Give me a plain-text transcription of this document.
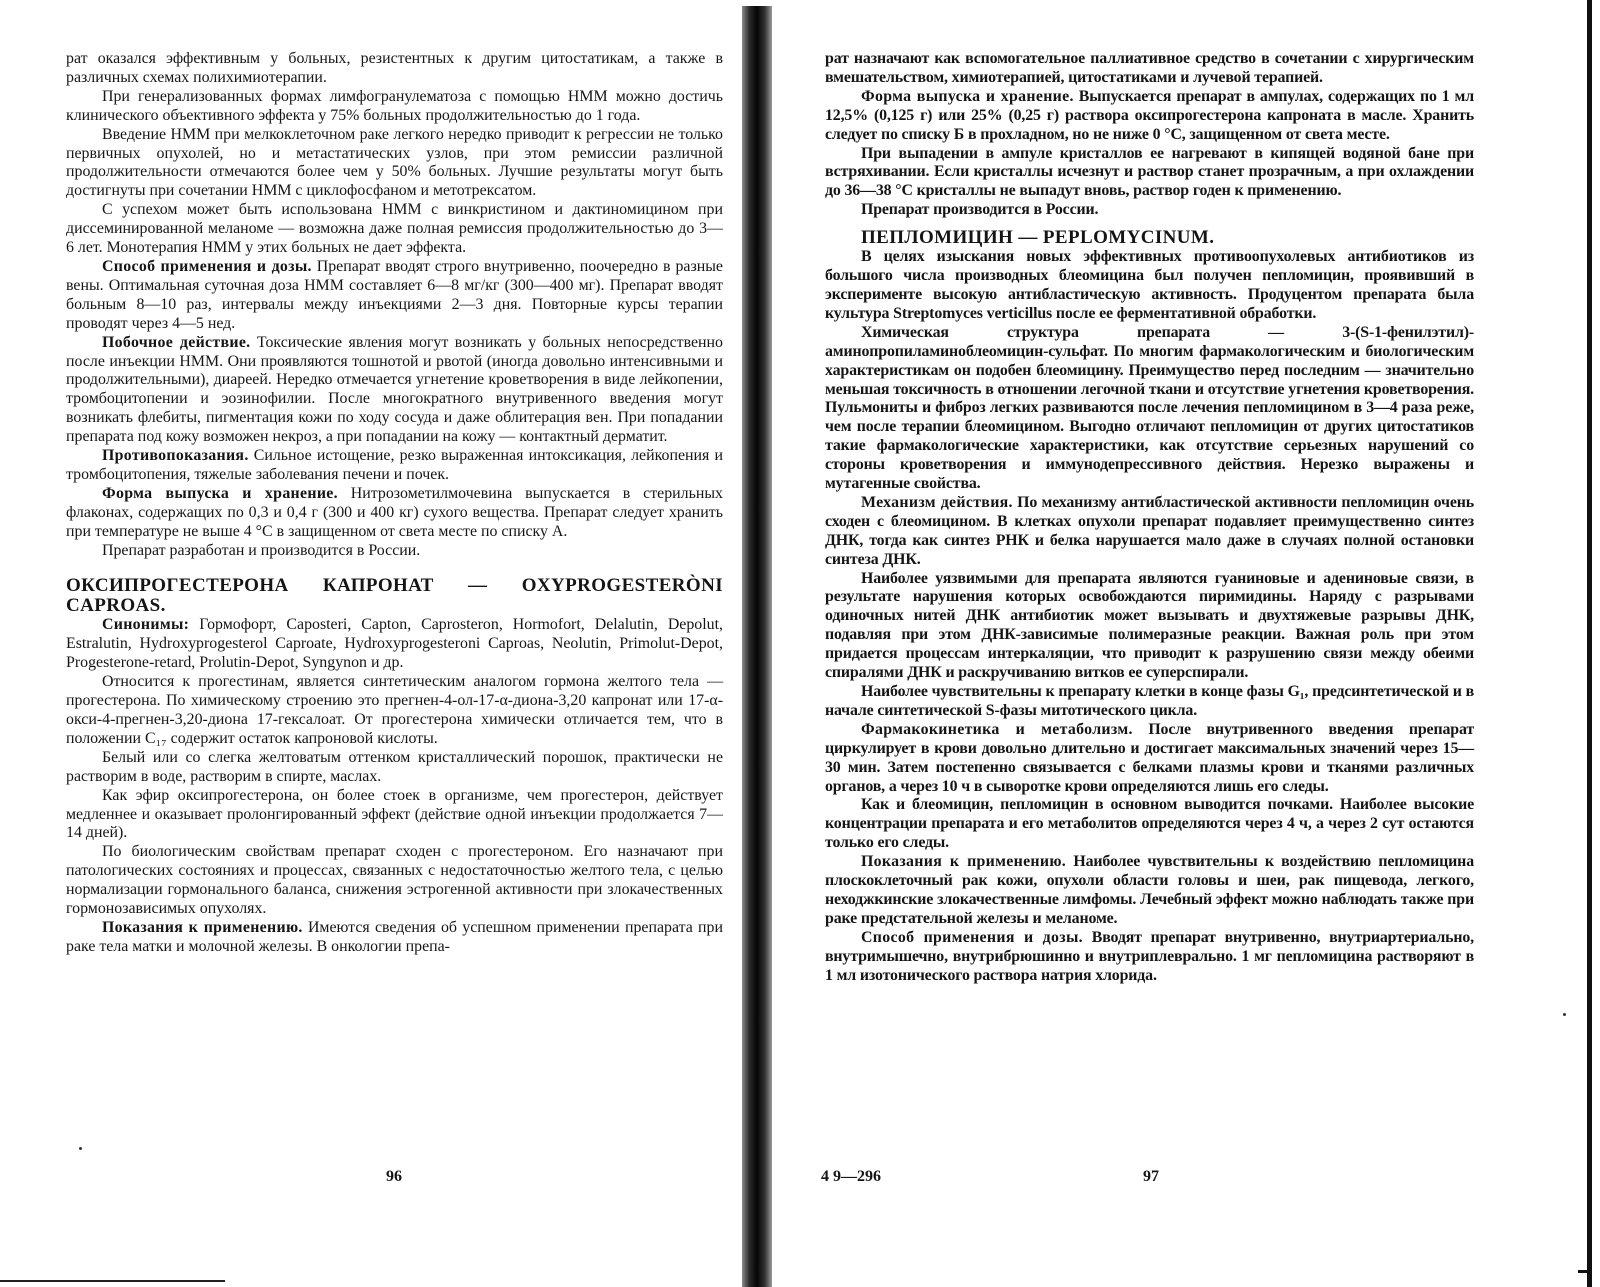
рат оказался эффективным у больных, резистентных к другим цитостатикам, а также в различных схемах полихимиотерапии.

При генерализованных формах лимфогранулематоза с помощью НММ можно достичь клинического объективного эффекта у 75% больных продолжительностью до 1 года.

Введение НММ при мелкоклеточном раке легкого нередко приводит к регрессии не только первичных опухолей, но и метастатических узлов, при этом ремиссии различной продолжительности отмечаются более чем у 50% больных. Лучшие результаты могут быть достигнуты при сочетании НММ с циклофосфаном и метотрексатом.

С успехом может быть использована НММ с винкристином и дактиномицином при диссеминированной меланоме — возможна даже полная ремиссия продолжительностью до 3—6 лет. Монотерапия НММ у этих больных не дает эффекта.

Способ применения и дозы. Препарат вводят строго внутривенно, поочередно в разные вены. Оптимальная суточная доза НММ составляет 6—8 мг/кг (300—400 мг). Препарат вводят больным 8—10 раз, интервалы между инъекциями 2—3 дня. Повторные курсы терапии проводят через 4—5 нед.

Побочное действие. Токсические явления могут возникать у больных непосредственно после инъекции НММ. Они проявляются тошнотой и рвотой (иногда довольно интенсивными и продолжительными), диареей. Нередко отмечается угнетение кроветворения в виде лейкопении, тромбоцитопении и эозинофилии. После многократного внутривенного введения могут возникать флебиты, пигментация кожи по ходу сосуда и даже облитерация вен. При попадании препарата под кожу возможен некроз, а при попадании на кожу — контактный дерматит.

Противопоказания. Сильное истощение, резко выраженная интоксикация, лейкопения и тромбоцитопения, тяжелые заболевания печени и почек.

Форма выпуска и хранение. Нитрозометилмочевина выпускается в стерильных флаконах, содержащих по 0,3 и 0,4 г (300 и 400 кг) сухого вещества. Препарат следует хранить при температуре не выше 4 °С в защищенном от света месте по списку А.

Препарат разработан и производится в России.

ОКСИПРОГЕСТЕРОНА КАПРОНАТ — OXYPROGESTERÒNI CAPROAS.

Синонимы: Гормофорт, Caposteri, Capton, Caprosteron, Hormofort, Delalutin, Depolut, Estralutin, Hydroxyprogesterol Caproate, Hydroxyprogesteroni Caproas, Neolutin, Primolut-Depot, Progesterone-retard, Prolutin-Depot, Syngynon и др.

Относится к прогестинам, является синтетическим аналогом гормона желтого тела — прогестерона. По химическому строению это прегнен-4-ол-17-α-диона-3,20 капронат или 17-α-окси-4-прегнен-3,20-диона 17-гексалоат. От прогестерона химически отличается тем, что в положении С₁₇ содержит остаток капроновой кислоты.

Белый или со слегка желтоватым оттенком кристаллический порошок, практически не растворим в воде, растворим в спирте, маслах.

Как эфир оксипрогестерона, он более стоек в организме, чем прогестерон, действует медленнее и оказывает пролонгированный эффект (действие одной инъекции продолжается 7—14 дней).

По биологическим свойствам препарат сходен с прогестероном. Его назначают при патологических состояниях и процессах, связанных с недостаточностью желтого тела, с целью нормализации гормонального баланса, снижения эстрогенной активности при злокачественных гормонозависимых опухолях.

Показания к применению. Имеются сведения об успешном применении препарата при раке тела матки и молочной железы. В онкологии препа-

96

рат назначают как вспомогательное паллиативное средство в сочетании с хирургическим вмешательством, химиотерапией, цитостатиками и лучевой терапией.

Форма выпуска и хранение. Выпускается препарат в ампулах, содержащих по 1 мл 12,5% (0,125 г) или 25% (0,25 г) раствора оксипрогестерона капроната в масле. Хранить следует по списку Б в прохладном, но не ниже 0 °С, защищенном от света месте.

При выпадении в ампуле кристаллов ее нагревают в кипящей водяной бане при встряхивании. Если кристаллы исчезнут и раствор станет прозрачным, а при охлаждении до 36—38 °С кристаллы не выпадут вновь, раствор годен к применению.

Препарат производится в России.

ПЕПЛОМИЦИН — PEPLOMYCINUM.

В целях изыскания новых эффективных противоопухолевых антибиотиков из большого числа производных блеомицина был получен пепломицин, проявивший в эксперименте высокую антибластическую активность. Продуцентом препарата была культура Streptomyces verticillus после ее ферментативной обработки.

Химическая структура препарата — 3-(S-1-фенилэтил)-аминопропиламиноблеомицин-сульфат. По многим фармакологическим и биологическим характеристикам он подобен блеомицину. Преимущество перед последним — значительно меньшая токсичность в отношении легочной ткани и отсутствие угнетения кроветворения. Пульмониты и фиброз легких развиваются после лечения пепломицином в 3—4 раза реже, чем после терапии блеомицином. Выгодно отличают пепломицин от других цитостатиков такие фармакологические характеристики, как отсутствие серьезных нарушений со стороны кроветворения и иммунодепрессивного действия. Нерезко выражены и мутагенные свойства.

Механизм действия. По механизму антибластической активности пепломицин очень сходен с блеомицином. В клетках опухоли препарат подавляет преимущественно синтез ДНК, тогда как синтез РНК и белка нарушается мало даже в случаях полной остановки синтеза ДНК.

Наиболее уязвимыми для препарата являются гуаниновые и адениновые связи, в результате нарушения которых освобождаются пиримидины. Наряду с разрывами одиночных нитей ДНК антибиотик может вызывать и двухтяжевые разрывы ДНК, подавляя при этом ДНК-зависимые полимеразные реакции. Важная роль при этом придается процессам интеркаляции, что приводит к разрушению связи между обеими спиралями ДНК и раскручиванию витков ее суперспирали.

Наиболее чувствительны к препарату клетки в конце фазы G₁, предсинтетической и в начале синтетической S-фазы митотического цикла.

Фармакокинетика и метаболизм. После внутривенного введения препарат циркулирует в крови довольно длительно и достигает максимальных значений через 15—30 мин. Затем постепенно связывается с белками плазмы крови и тканями различных органов, а через 10 ч в сыворотке крови определяются лишь его следы.

Как и блеомицин, пепломицин в основном выводится почками. Наиболее высокие концентрации препарата и его метаболитов определяются через 4 ч, а через 2 сут остаются только его следы.

Показания к применению. Наиболее чувствительны к воздействию пепломицина плоскоклеточный рак кожи, опухоли области головы и шеи, рак пищевода, легкого, неходжкинские злокачественные лимфомы. Лечебный эффект можно наблюдать также при раке предстательной железы и меланоме.

Способ применения и дозы. Вводят препарат внутривенно, внутриартериально, внутримышечно, внутрибрюшинно и внутриплеврально. 1 мг пепломицина растворяют в 1 мл изотонического раствора натрия хлорида.

4 9—296	97
